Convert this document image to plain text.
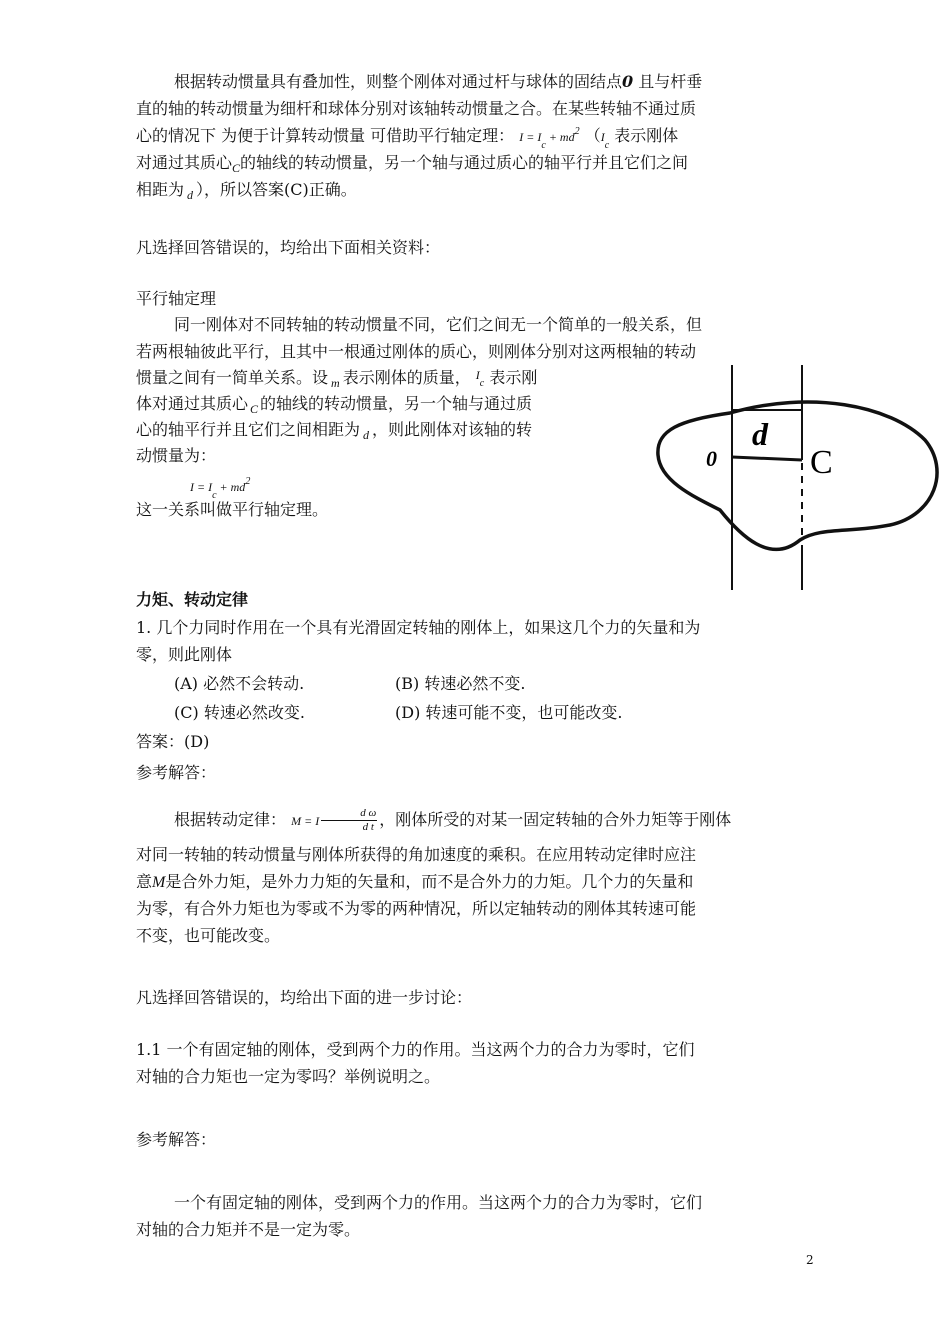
根据转动惯量具有叠加性，则整个刚体对通过杆与球体的固结点0 且与杆垂

直的轴的转动惯量为细杆和球体分别对该轴转动惯量之合。在某些转轴不通过质

心的情况下 为便于计算转动惯量 可借助平行轴定理： $I = I_c + md^2$ （$I_c$ 表示刚体

对通过其质心$_C$的轴线的转动惯量，另一个轴与通过质心的轴平行并且它们之间

相距为 $_d$ ），所以答案(C)正确。

凡选择回答错误的，均给出下面相关资料：

平行轴定理

同一刚体对不同转轴的转动惯量不同，它们之间无一个简单的一般关系，但

若两根轴彼此平行，且其中一根通过刚体的质心，则刚体分别对这两根轴的转动

惯量之间有一简单关系。设 $_m$ 表示刚体的质量， $^{I_c}$ 表示刚

体对通过其质心 $_C$ 的轴线的转动惯量，另一个轴与通过质

心的轴平行并且它们之间相距为 $_d$ ，则此刚体对该轴的转

动惯量为：

$I = I_c + md^2$

这一关系叫做平行轴定理。

d
0	C

力矩、转动定律

1. 几个力同时作用在一个具有光滑固定转轴的刚体上，如果这几个力的矢量和为

零，则此刚体

(A) 必然不会转动.	(B) 转速必然不变.
(C) 转速必然改变.	(D) 转速可能不变，也可能改变.

答案：(D)

参考解答：

根据转动定律： M = I $\frac{\text{d ω}}{\text{d t}}$ ，刚体所受的对某一固定转轴的合外力矩等于刚体

对同一转轴的转动惯量与刚体所获得的角加速度的乘积。在应用转动定律时应注

意M是合外力矩，是外力力矩的矢量和，而不是合外力的力矩。几个力的矢量和

为零，有合外力矩也为零或不为零的两种情况，所以定轴转动的刚体其转速可能

不变，也可能改变。

凡选择回答错误的，均给出下面的进一步讨论：

1.1 一个有固定轴的刚体，受到两个力的作用。当这两个力的合力为零时，它们

对轴的合力矩也一定为零吗？举例说明之。

参考解答：

一个有固定轴的刚体，受到两个力的作用。当这两个力的合力为零时，它们

对轴的合力矩并不是一定为零。

2
